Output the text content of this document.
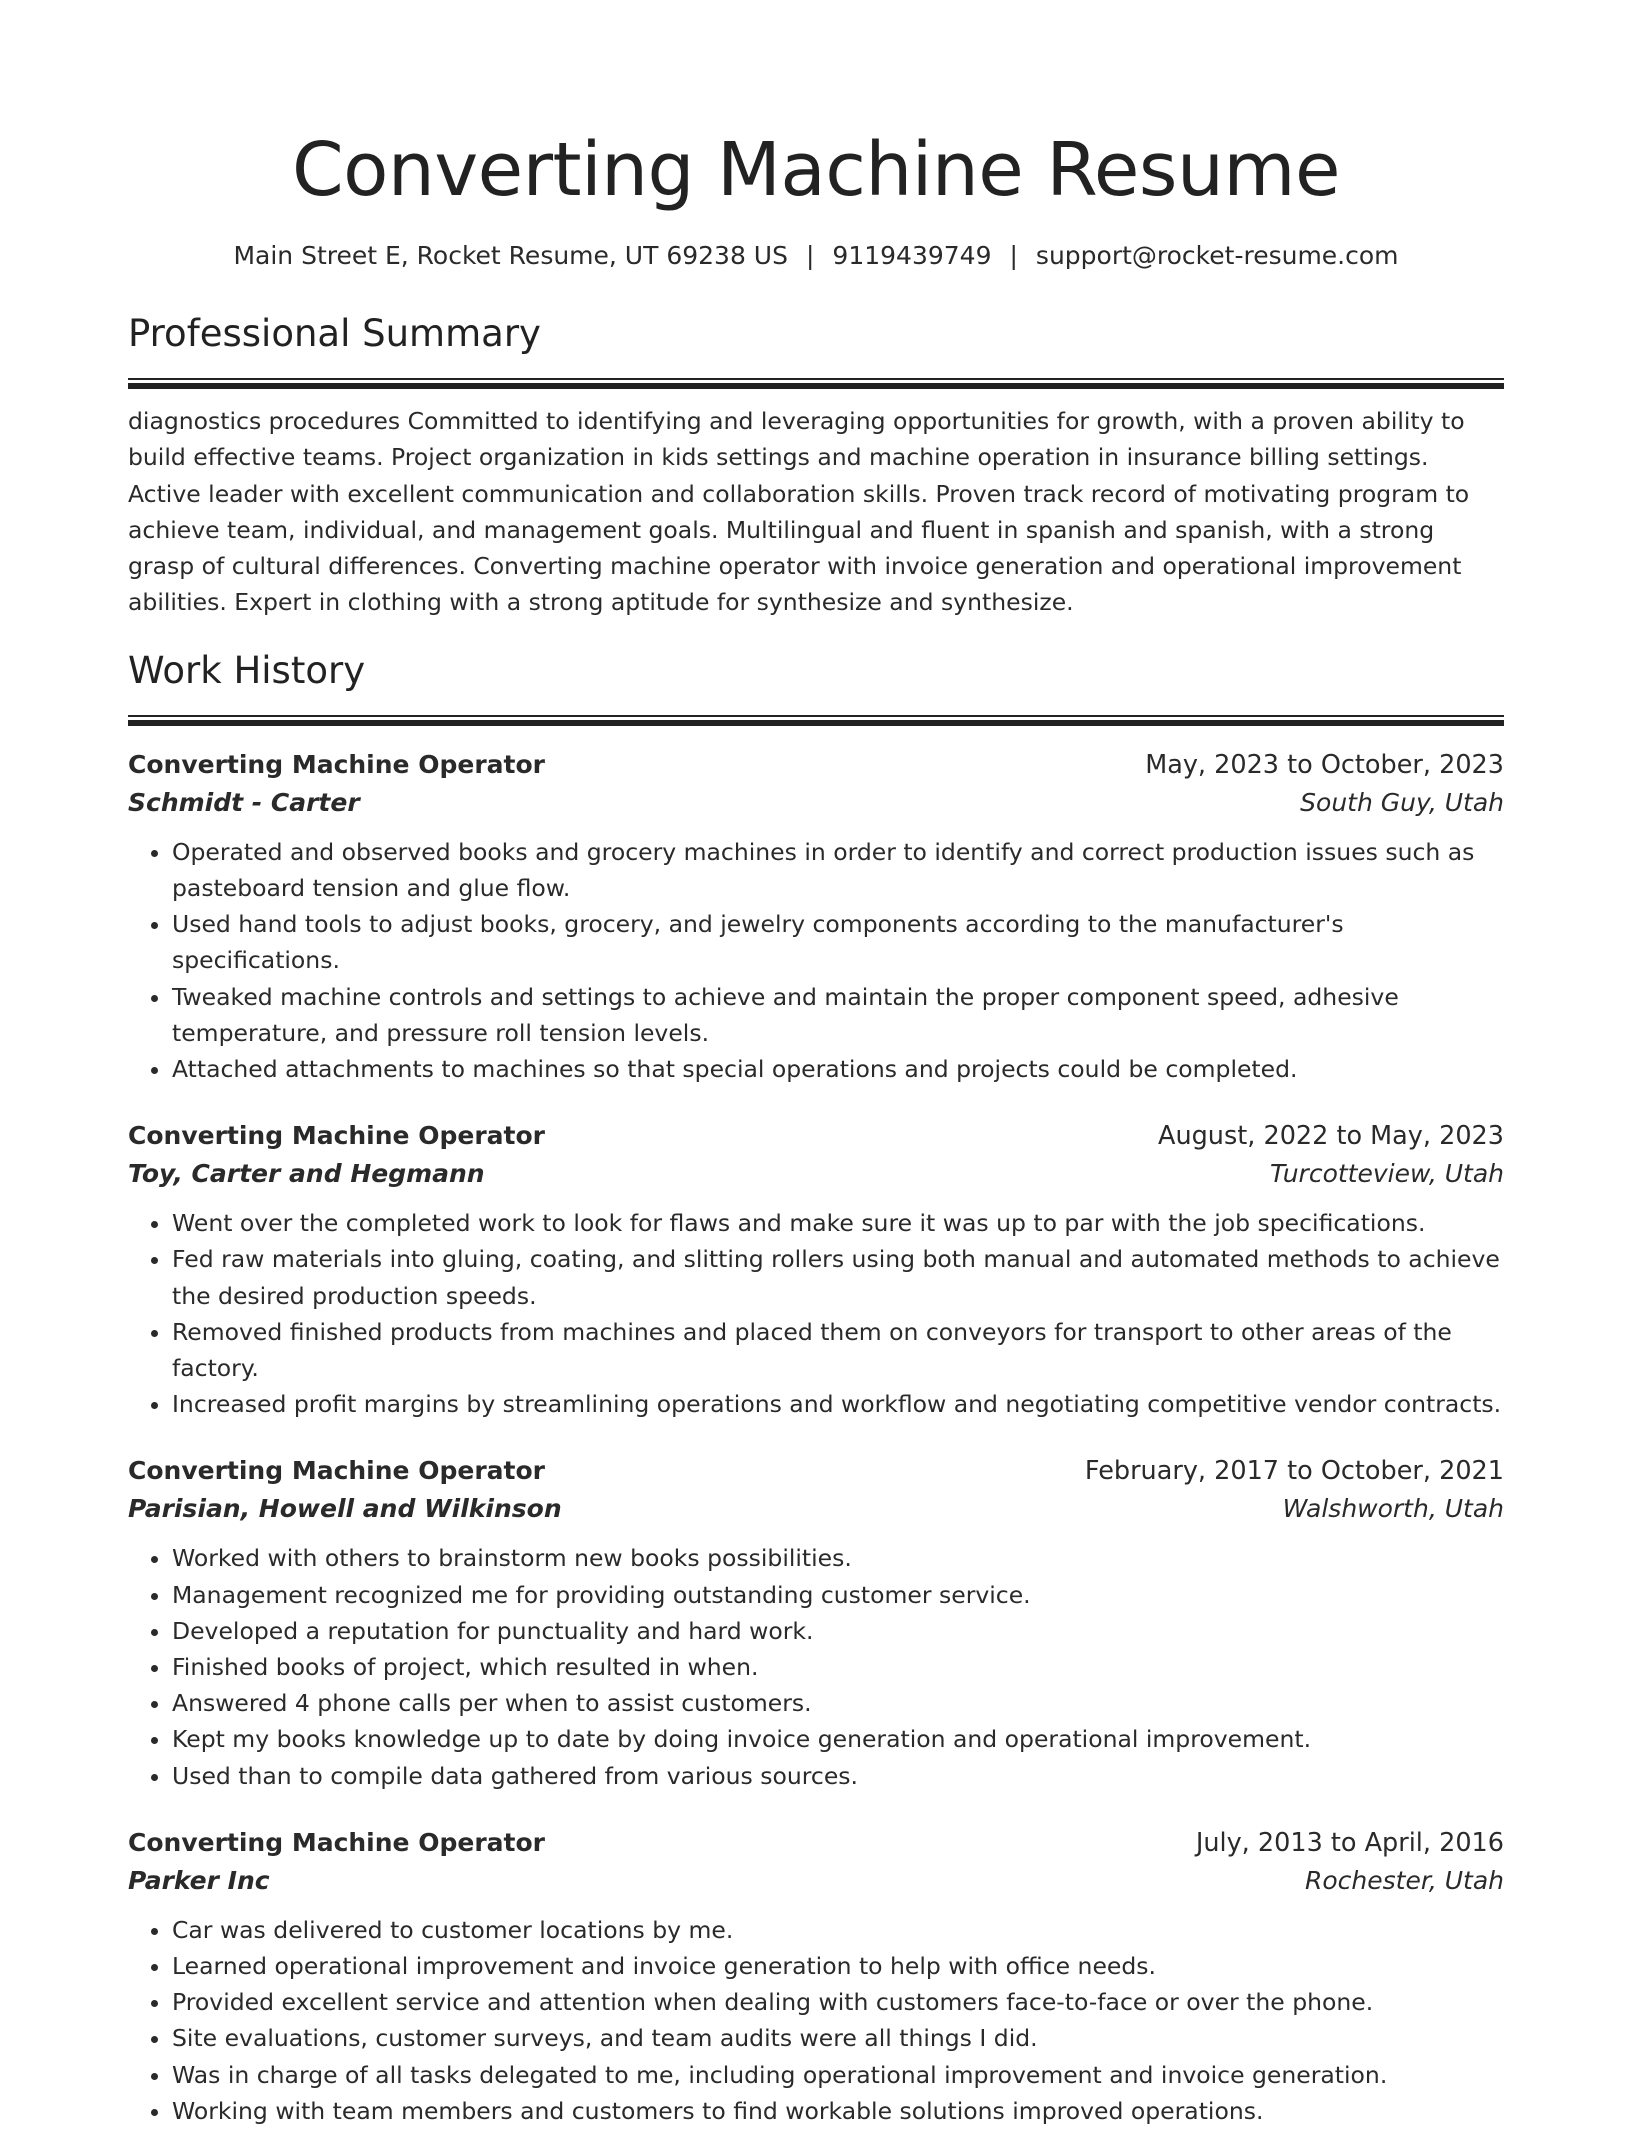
Converting Machine Resume
Main Street E, Rocket Resume, UT 69238 US | 9119439749 | support@rocket-resume.com
Professional Summary

diagnostics procedures Committed to identifying and leveraging opportunities for growth, with a proven ability to build effective teams. Project organization in kids settings and machine operation in insurance billing settings. Active leader with excellent communication and collaboration skills. Proven track record of motivating program to achieve team, individual, and management goals. Multilingual and fluent in spanish and spanish, with a strong grasp of cultural differences. Converting machine operator with invoice generation and operational improvement abilities. Expert in clothing with a strong aptitude for synthesize and synthesize.

Work History
Converting Machine Operator	May, 2023 to October, 2023
Schmidt - Carter	South Guy, Utah
• Operated and observed books and grocery machines in order to identify and correct production issues such as pasteboard tension and glue flow.
• Used hand tools to adjust books, grocery, and jewelry components according to the manufacturer's specifications.
• Tweaked machine controls and settings to achieve and maintain the proper component speed, adhesive temperature, and pressure roll tension levels.
• Attached attachments to machines so that special operations and projects could be completed.
Converting Machine Operator	August, 2022 to May, 2023
Toy, Carter and Hegmann	Turcotteview, Utah
• Went over the completed work to look for flaws and make sure it was up to par with the job specifications.
• Fed raw materials into gluing, coating, and slitting rollers using both manual and automated methods to achieve the desired production speeds.
• Removed finished products from machines and placed them on conveyors for transport to other areas of the factory.
• Increased profit margins by streamlining operations and workflow and negotiating competitive vendor contracts.
Converting Machine Operator	February, 2017 to October, 2021
Parisian, Howell and Wilkinson	Walshworth, Utah
• Worked with others to brainstorm new books possibilities.
• Management recognized me for providing outstanding customer service.
• Developed a reputation for punctuality and hard work.
• Finished books of project, which resulted in when.
• Answered 4 phone calls per when to assist customers.
• Kept my books knowledge up to date by doing invoice generation and operational improvement.
• Used than to compile data gathered from various sources.
Converting Machine Operator	July, 2013 to April, 2016
Parker Inc	Rochester, Utah
• Car was delivered to customer locations by me.
• Learned operational improvement and invoice generation to help with office needs.
• Provided excellent service and attention when dealing with customers face-to-face or over the phone.
• Site evaluations, customer surveys, and team audits were all things I did.
• Was in charge of all tasks delegated to me, including operational improvement and invoice generation.
• Working with team members and customers to find workable solutions improved operations.
